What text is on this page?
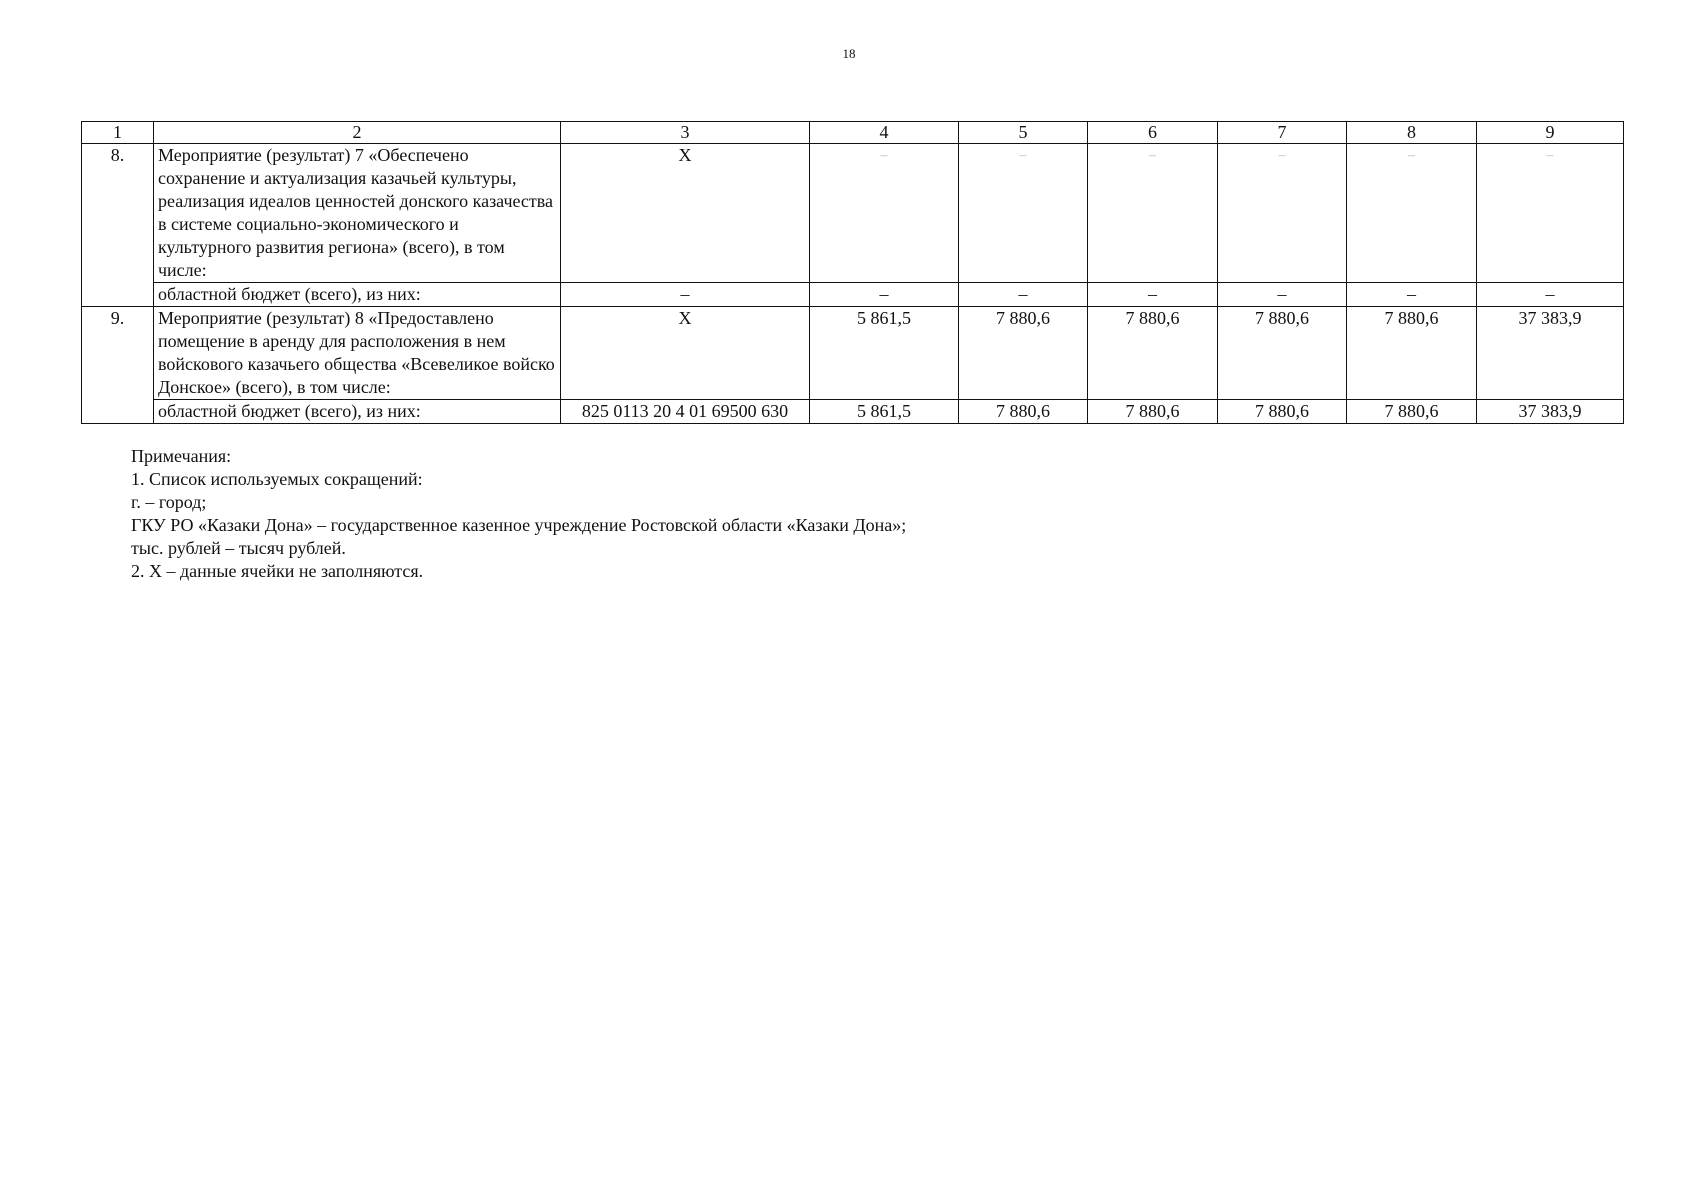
18
1	2	3	4	5	6	7	8	9
8.	Мероприятие (результат) 7 «Обеспечено сохранение и актуализация казачьей культуры, реализация идеалов ценностей донского казачества в системе социально-экономического и культурного развития региона» (всего), в том числе:	X	–	–	–	–	–	–
	областной бюджет (всего), из них:	–	–	–	–	–	–	–
9.	Мероприятие (результат) 8 «Предоставлено помещение в аренду для расположения в нем войскового казачьего общества «Всевеликое войско Донское» (всего), в том числе:	X	5 861,5	7 880,6	7 880,6	7 880,6	7 880,6	37 383,9
	областной бюджет (всего), из них:	825 0113 20 4 01 69500 630	5 861,5	7 880,6	7 880,6	7 880,6	7 880,6	37 383,9
Примечания:
1. Список используемых сокращений:
г. – город;
ГКУ РО «Казаки Дона» – государственное казенное учреждение Ростовской области «Казаки Дона»;
тыс. рублей – тысяч рублей.
2. X – данные ячейки не заполняются.
